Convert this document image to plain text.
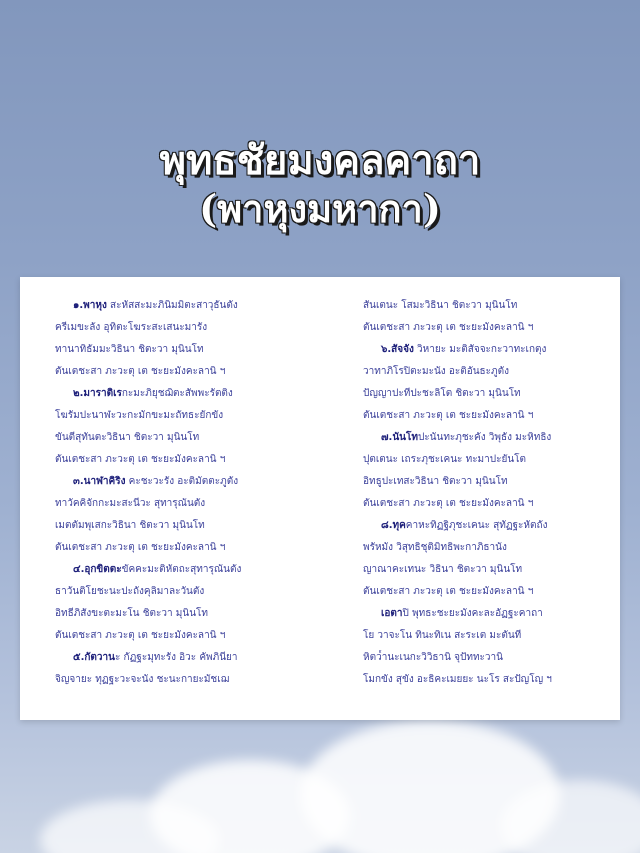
พุทธชัยมงคลคาถา
(พาหุงมหากา)
๑.พาหุง สะหัสสะมะภินิมมิตะสาวุธันตัง
ครีเมขะลัง อุทิตะโฆระสะเสนะมารัง
ทานาทิธัมมะวิธินา ชิตะวา มุนินโท
ตันเตชะสา ภะวะตุ เต ชะยะมังคะลานิ ฯ
๒.มาราติเรกะมะภิยุชฌิตะสัพพะรัตติง
โฆรัมปะนาฬะวะกะมักขะมะถัทธะยักขัง
ขันตีสุทันตะวิธินา ชิตะวา มุนินโท
ตันเตชะสา ภะวะตุ เต ชะยะมังคะลานิ ฯ
๓.นาฬาคิริง คะชะวะรัง อะติมัตตะภูตัง
ทาวัคคิจักกะมะสะนีวะ สุทารุณันตัง
เมตตัมพุเสกะวิธินา ชิตะวา มุนินโท
ตันเตชะสา ภะวะตุ เต ชะยะมังคะลานิ ฯ
๔.อุกขิตตะขัคคะมะติหัตถะสุทารุณันตัง
ธาวันติโยชะนะปะถังคุลิมาละวันตัง
อิทธีภิสังขะตะมะโน ชิตะวา มุนินโท
ตันเตชะสา ภะวะตุ เต ชะยะมังคะลานิ ฯ
๕.กัตวานะ กัฏฐะมุทะรัง อิวะ คัพภินียา
จิญจายะ ทุฏฐะวะจะนัง ชะนะกายะมัชเฌ
สันเตนะ โสมะวิธินา ชิตะวา มุนินโท
ตันเตชะสา ภะวะตุ เต ชะยะมังคะลานิ ฯ
๖.สัจจัง วิหายะ มะติสัจจะกะวาทะเกตุง
วาทาภิโรปิตะมะนัง อะติอันธะภูตัง
ปัญญาปะทีปะชะลิโต ชิตะวา มุนินโท
ตันเตชะสา ภะวะตุ เต ชะยะมังคะลานิ ฯ
๗.นันโทปะนันทะภุชะคัง วิพุธัง มะหิทธิง
ปุตเตนะ เถระภุชะเคนะ ทะมาปะยันโต
อิทธูปะเทสะวิธินา ชิตะวา มุนินโท
ตันเตชะสา ภะวะตุ เต ชะยะมังคะลานิ ฯ
๘.ทุคคาหะทิฏฐิภุชะเคนะ สุทัฏฐะหัตถัง
พรัหมัง วิสุทธิชุติมิทธิพะกาภิธานัง
ญาณาคะเทนะ วิธินา ชิตะวา มุนินโท
ตันเตชะสา ภะวะตุ เต ชะยะมังคะลานิ ฯ
เอตาปิ พุทธะชะยะมังคะละอัฏฐะคาถา
โย วาจะโน ทินะทิเน สะระเต มะตันที
หิตว๎านะเนกะวิวิธานิ จุปัททะวานิ
โมกขัง สุขัง อะธิคะเมยยะ นะโร สะปัญโญ ฯ
